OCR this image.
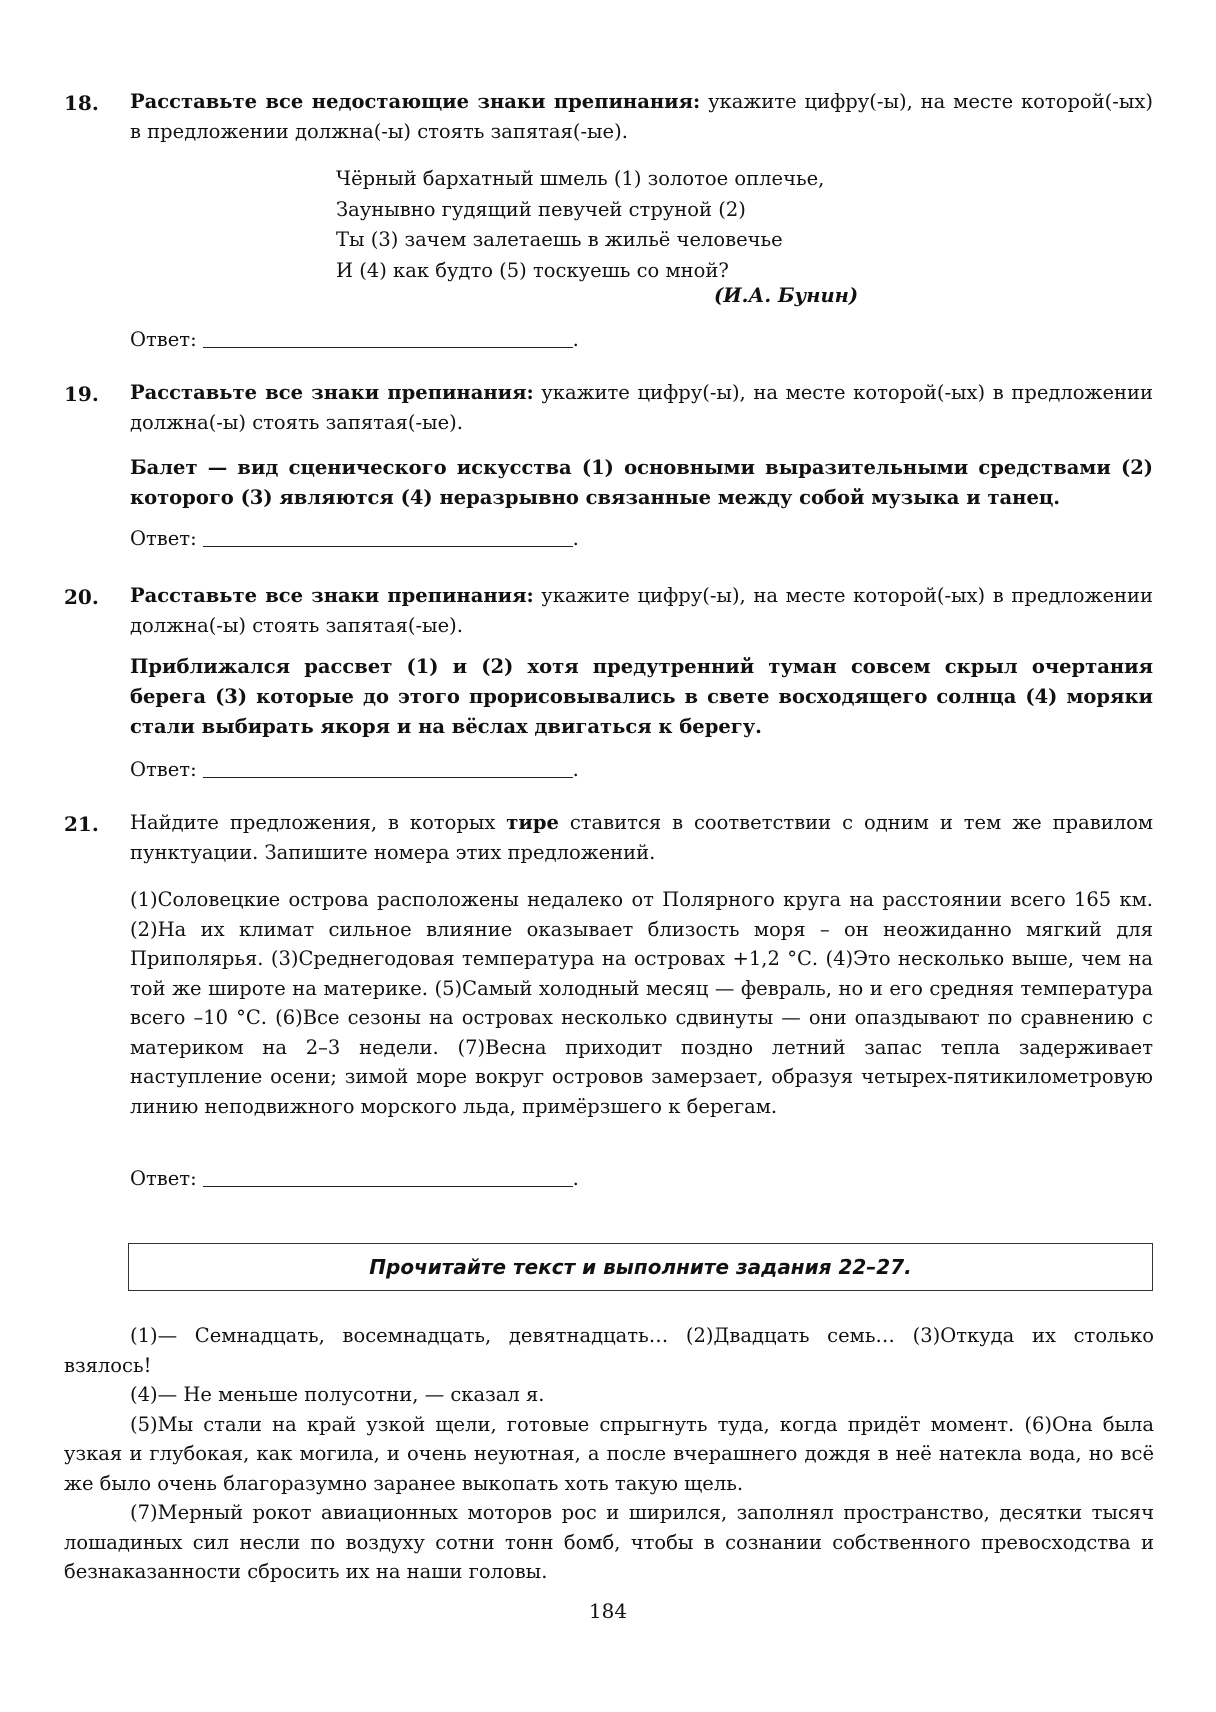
18. Расставьте все недостающие знаки препинания: укажите цифру(-ы), на месте которой(-ых) в предложении должна(-ы) стоять запятая(-ые).
Чёрный бархатный шмель (1) золотое оплечье,
Заунывно гудящий певучей струной (2)
Ты (3) зачем залетаешь в жильё человечье
И (4) как будто (5) тоскуешь со мной?
(И.А. Бунин)
Ответ:	.
19. Расставьте все знаки препинания: укажите цифру(-ы), на месте которой(-ых) в предложении должна(-ы) стоять запятая(-ые).
Балет — вид сценического искусства (1) основными выразительными средствами (2) которого (3) являются (4) неразрывно связанные между собой музыка и танец.
Ответ:	.
20. Расставьте все знаки препинания: укажите цифру(-ы), на месте которой(-ых) в предложении должна(-ы) стоять запятая(-ые).
Приближался рассвет (1) и (2) хотя предутренний туман совсем скрыл очертания берега (3) которые до этого прорисовывались в свете восходящего солнца (4) моряки стали выбирать якоря и на вёслах двигаться к берегу.
Ответ:	.
21. Найдите предложения, в которых тире ставится в соответствии с одним и тем же правилом пунктуации. Запишите номера этих предложений.
(1)Соловецкие острова расположены недалеко от Полярного круга на расстоянии всего 165 км. (2)На их климат сильное влияние оказывает близость моря – он неожиданно мягкий для Приполярья. (3)Среднегодовая температура на островах +1,2 °С. (4)Это несколько выше, чем на той же широте на материке. (5)Самый холодный месяц — февраль, но и его средняя температура всего –10 °С. (6)Все сезоны на островах несколько сдвинуты — они опаздывают по сравнению с материком на 2–3 недели. (7)Весна приходит поздно летний запас тепла задерживает наступление осени; зимой море вокруг островов замерзает, образуя четырех-пятикилометровую линию неподвижного морского льда, примёрзшего к берегам.
Ответ:	.
Прочитайте текст и выполните задания 22–27.

(1)— Семнадцать, восемнадцать, девятнадцать… (2)Двадцать семь… (3)Откуда их столько взялось!

(4)— Не меньше полусотни, — сказал я.

(5)Мы стали на край узкой щели, готовые спрыгнуть туда, когда придёт момент. (6)Она была узкая и глубокая, как могила, и очень неуютная, а после вчерашнего дождя в неё натекла вода, но всё же было очень благоразумно заранее выкопать хоть такую щель.

(7)Мерный рокот авиационных моторов рос и ширился, заполнял пространство, десятки тысяч лошадиных сил несли по воздуху сотни тонн бомб, чтобы в сознании собственного превосходства и безнаказанности сбросить их на наши головы.

184
